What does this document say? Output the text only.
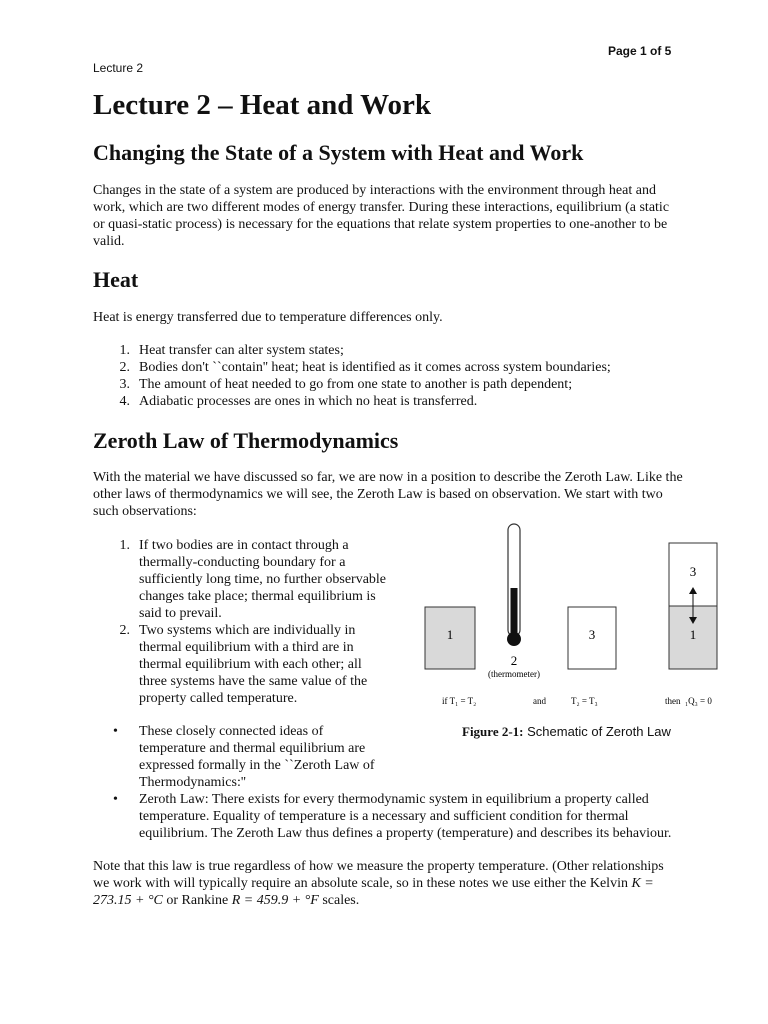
Page 1 of 5
Lecture 2
Lecture 2 – Heat and Work
Changing the State of a System with Heat and Work

Changes in the state of a system are produced by interactions with the environment through heat and work, which are two different modes of energy transfer. During these interactions, equilibrium (a static or quasi-static process) is necessary for the equations that relate system properties to one-another to be valid.

Heat

Heat is energy transferred due to temperature differences only.

1. Heat transfer can alter system states;
2. Bodies don't ``contain'' heat; heat is identified as it comes across system boundaries;
3. The amount of heat needed to go from one state to another is path dependent;
4. Adiabatic processes are ones in which no heat is transferred.
Zeroth Law of Thermodynamics

With the material we have discussed so far, we are now in a position to describe the Zeroth Law. Like the other laws of thermodynamics we will see, the Zeroth Law is based on observation. We start with two such observations:

1. If two bodies are in contact through a thermally-conducting boundary for a sufficiently long time, no further observable changes take place; thermal equilibrium is said to prevail.
2. Two systems which are individually in thermal equilibrium with a third are in thermal equilibrium with each other; all three systems have the same value of the property called temperature.
1
2
(thermometer)
3
3
1
if T₁ = T₂	and	T₂ = T₃	then ₁Q₃ = 0
•	These closely connected ideas of temperature and thermal equilibrium are expressed formally in the ``Zeroth Law of Thermodynamics:''
•	Zeroth Law: There exists for every thermodynamic system in equilibrium a property called temperature. Equality of temperature is a necessary and sufficient condition for thermal equilibrium. The Zeroth Law thus defines a property (temperature) and describes its behaviour.
Figure 2-1: Schematic of Zeroth Law

Note that this law is true regardless of how we measure the property temperature. (Other relationships we work with will typically require an absolute scale, so in these notes we use either the Kelvin K = 273.15 + °C or Rankine R = 459.9 + °F scales.
